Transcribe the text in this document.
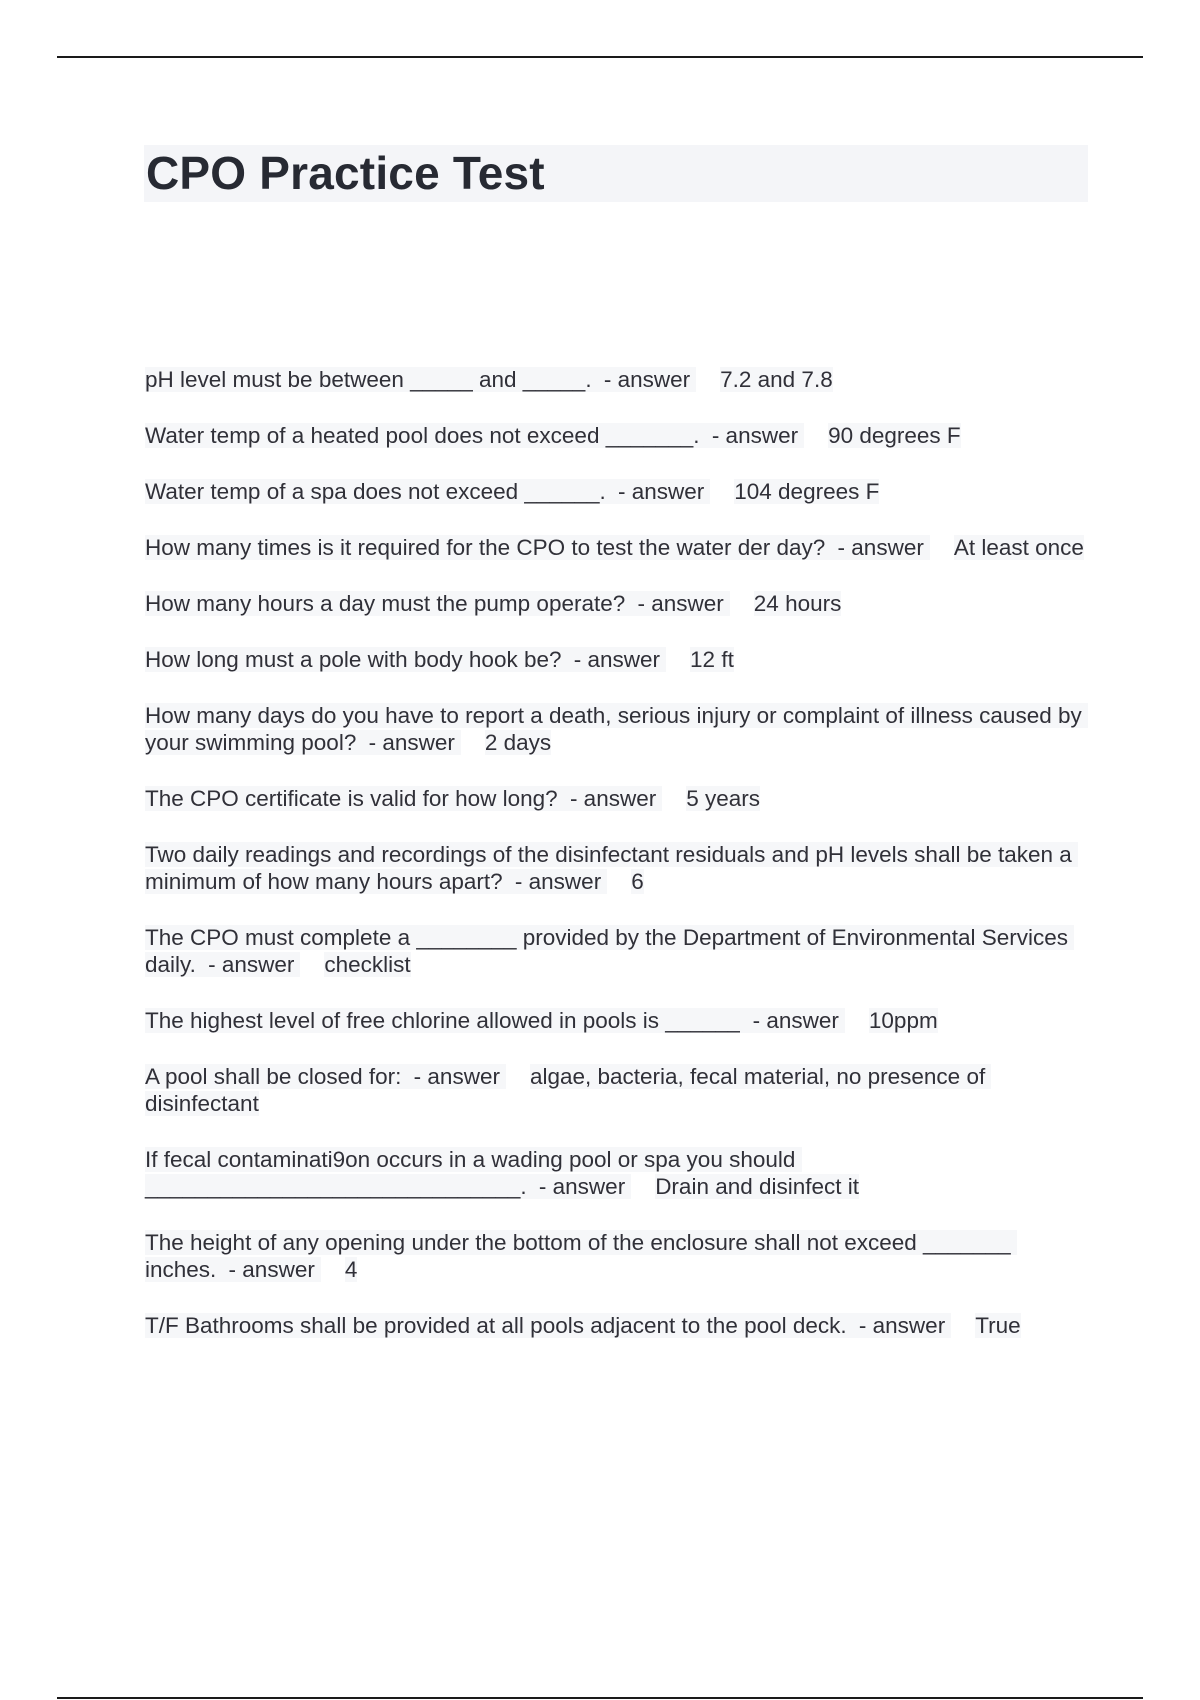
CPO Practice Test
pH level must be between _____ and _____. - answer 7.2 and 7.8
Water temp of a heated pool does not exceed _______. - answer 90 degrees F
Water temp of a spa does not exceed ______. - answer 104 degrees F
How many times is it required for the CPO to test the water der day? - answer At least once
How many hours a day must the pump operate? - answer 24 hours
How long must a pole with body hook be? - answer 12 ft
How many days do you have to report a death, serious injury or complaint of illness caused by your swimming pool? - answer 2 days
The CPO certificate is valid for how long? - answer 5 years
Two daily readings and recordings of the disinfectant residuals and pH levels shall be taken a minimum of how many hours apart? - answer 6
The CPO must complete a ________ provided by the Department of Environmental Services daily. - answer checklist
The highest level of free chlorine allowed in pools is ______ - answer 10ppm
A pool shall be closed for: - answer algae, bacteria, fecal material, no presence of disinfectant
If fecal contaminati9on occurs in a wading pool or spa you should ______________________________. - answer Drain and disinfect it
The height of any opening under the bottom of the enclosure shall not exceed _______ inches. - answer 4
T/F Bathrooms shall be provided at all pools adjacent to the pool deck. - answer True
